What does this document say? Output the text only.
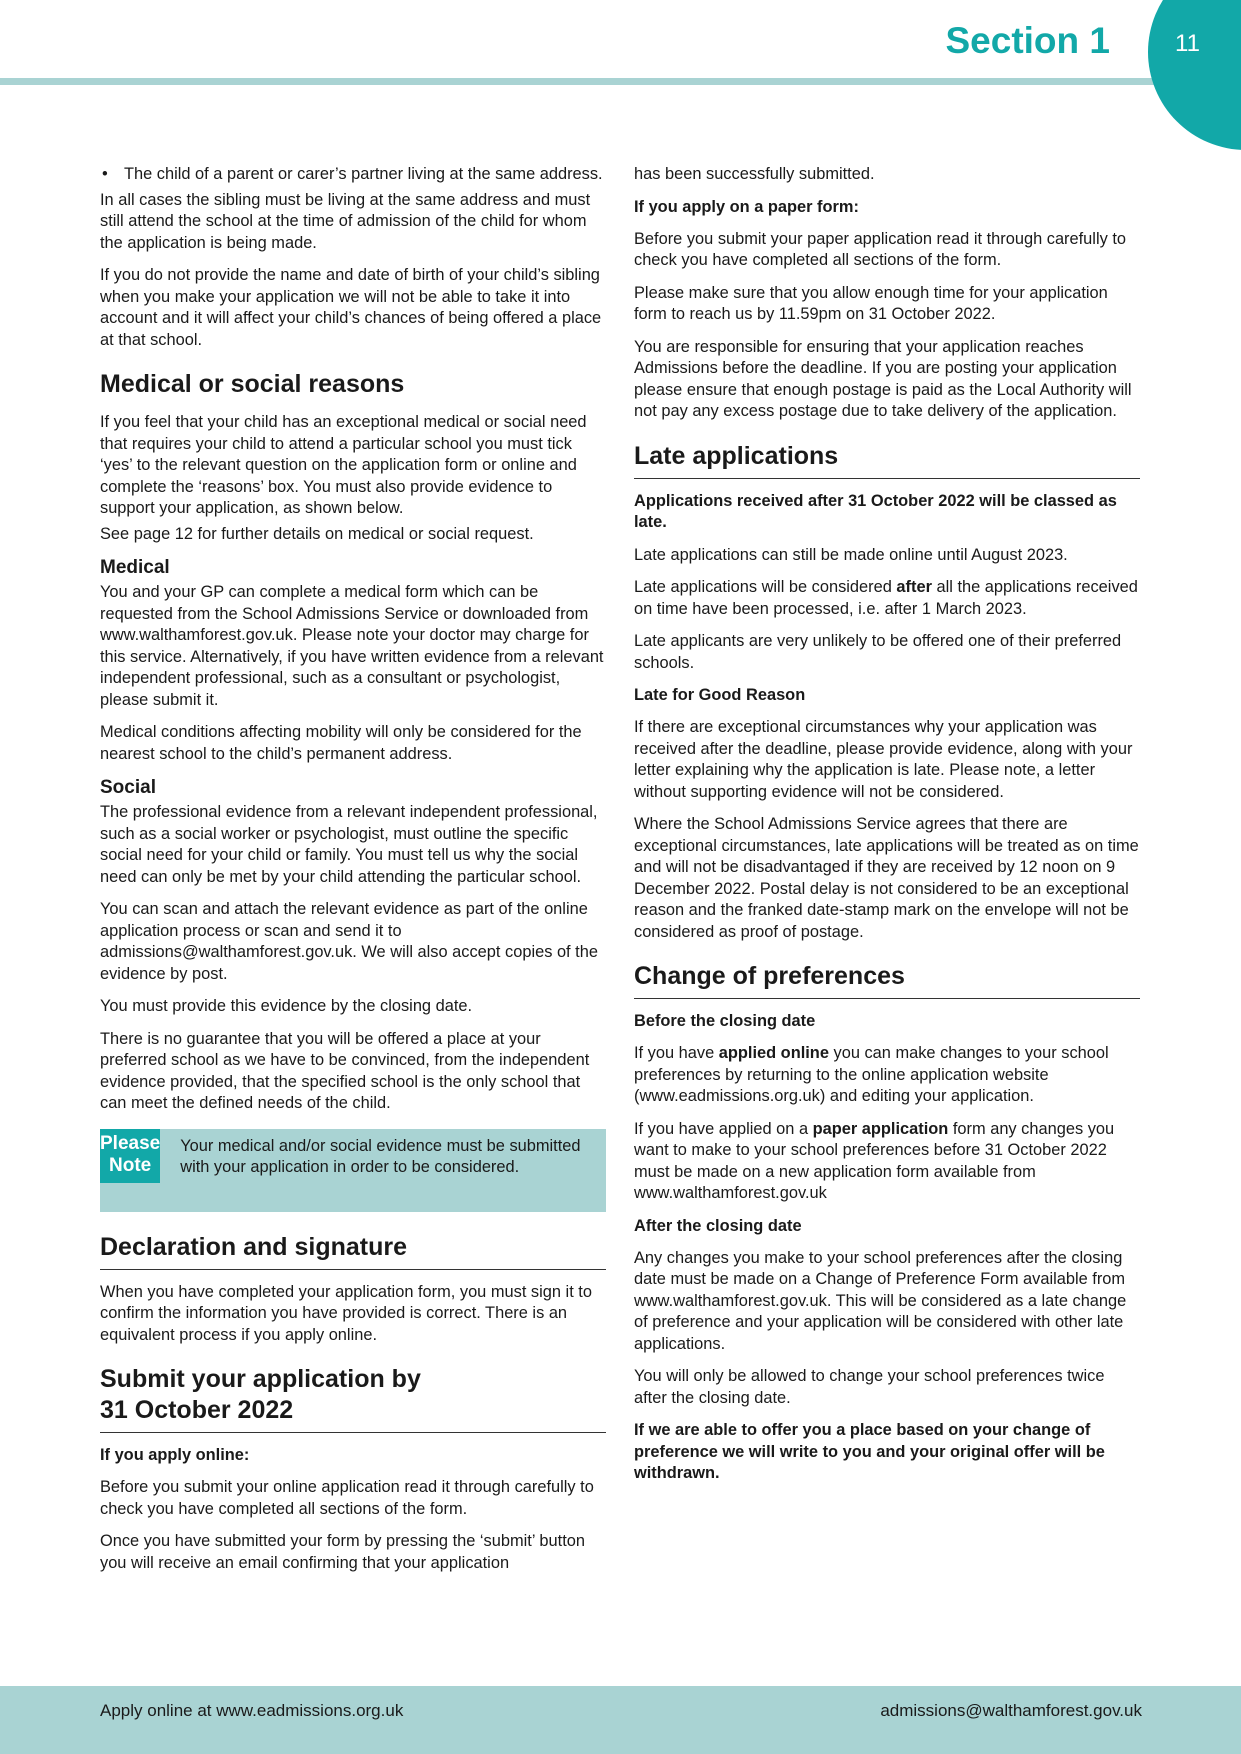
11
Section 1
• The child of a parent or carer’s partner living at the same address.

In all cases the sibling must be living at the same address and must still attend the school at the time of admission of the child for whom the application is being made.

If you do not provide the name and date of birth of your child’s sibling when you make your application we will not be able to take it into account and it will affect your child’s chances of being offered a place at that school.

Medical or social reasons

If you feel that your child has an exceptional medical or social need that requires your child to attend a particular school you must tick ‘yes’ to the relevant question on the application form or online and complete the ‘reasons’ box. You must also provide evidence to support your application, as shown below.

See page 12 for further details on medical or social request.

Medical

You and your GP can complete a medical form which can be requested from the School Admissions Service or downloaded from www.walthamforest.gov.uk. Please note your doctor may charge for this service. Alternatively, if you have written evidence from a relevant independent professional, such as a consultant or psychologist, please submit it.

Medical conditions affecting mobility will only be considered for the nearest school to the child’s permanent address.

Social

The professional evidence from a relevant independent professional, such as a social worker or psychologist, must outline the specific social need for your child or family. You must tell us why the social need can only be met by your child attending the particular school.

You can scan and attach the relevant evidence as part of the online application process or scan and send it to admissions@walthamforest.gov.uk. We will also accept copies of the evidence by post.

You must provide this evidence by the closing date.

There is no guarantee that you will be offered a place at your preferred school as we have to be convinced, from the independent evidence provided, that the specified school is the only school that can meet the defined needs of the child.

Please
Note
Your medical and/or social evidence must be submitted with your application in order to be considered.
Declaration and signature

When you have completed your application form, you must sign it to confirm the information you have provided is correct. There is an equivalent process if you apply online.

Submit your application by
31 October 2022
If you apply online:

Before you submit your online application read it through carefully to check you have completed all sections of the form.

Once you have submitted your form by pressing the ‘submit’ button you will receive an email confirming that your application

has been successfully submitted.

If you apply on a paper form:

Before you submit your paper application read it through carefully to check you have completed all sections of the form.

Please make sure that you allow enough time for your application form to reach us by 11.59pm on 31 October 2022.

You are responsible for ensuring that your application reaches Admissions before the deadline. If you are posting your application please ensure that enough postage is paid as the Local Authority will not pay any excess postage due to take delivery of the application.

Late applications

Applications received after 31 October 2022 will be classed as late.

Late applications can still be made online until August 2023.

Late applications will be considered after all the applications received on time have been processed, i.e. after 1 March 2023.

Late applicants are very unlikely to be offered one of their preferred schools.

Late for Good Reason

If there are exceptional circumstances why your application was received after the deadline, please provide evidence, along with your letter explaining why the application is late. Please note, a letter without supporting evidence will not be considered.

Where the School Admissions Service agrees that there are exceptional circumstances, late applications will be treated as on time and will not be disadvantaged if they are received by 12 noon on 9 December 2022. Postal delay is not considered to be an exceptional reason and the franked date-stamp mark on the envelope will not be considered as proof of postage.

Change of preferences
Before the closing date

If you have applied online you can make changes to your school preferences by returning to the online application website (www.eadmissions.org.uk) and editing your application.

If you have applied on a paper application form any changes you want to make to your school preferences before 31 October 2022 must be made on a new application form available from www.walthamforest.gov.uk

After the closing date

Any changes you make to your school preferences after the closing date must be made on a Change of Preference Form available from www.walthamforest.gov.uk. This will be considered as a late change of preference and your application will be considered with other late applications.

You will only be allowed to change your school preferences twice after the closing date.

If we are able to offer you a place based on your change of preference we will write to you and your original offer will be withdrawn.

Apply online at www.eadmissions.org.uk	admissions@walthamforest.gov.uk
